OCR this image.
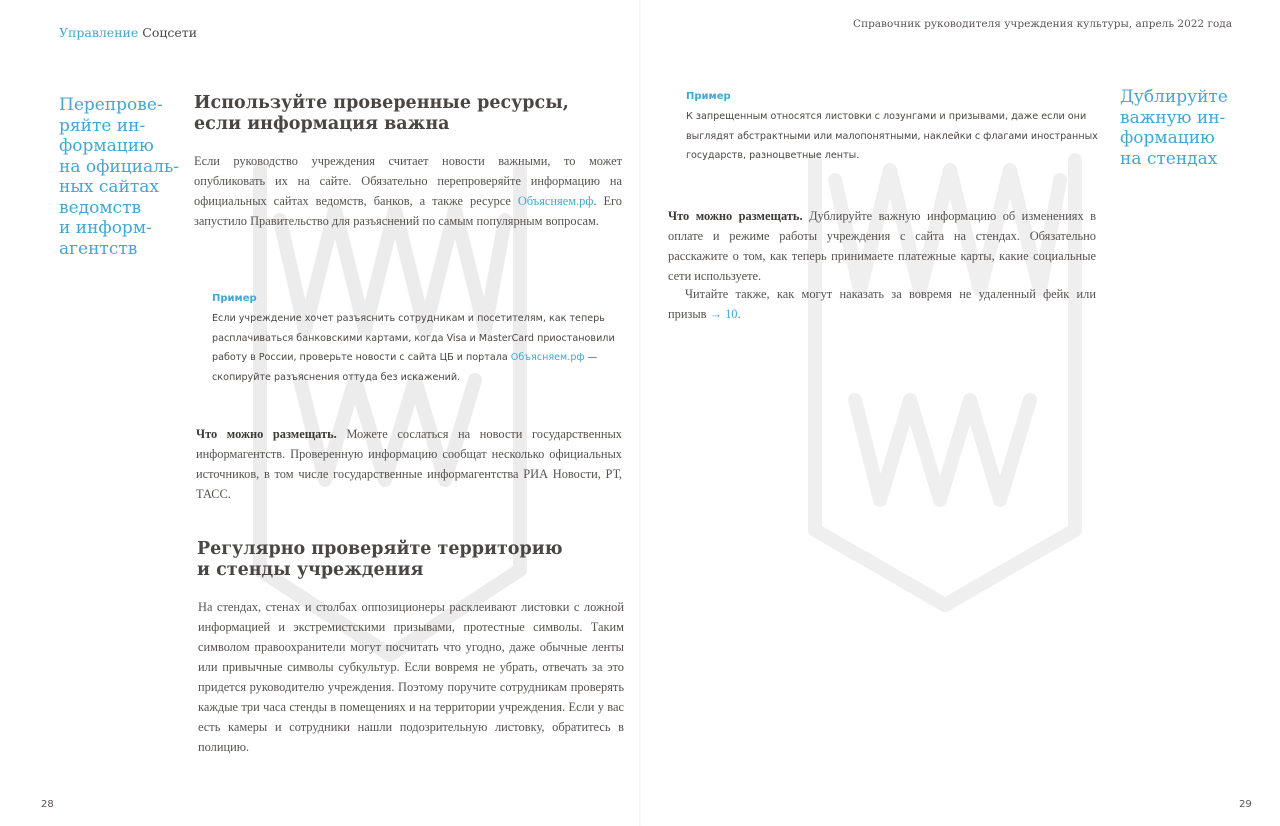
Управление Соцсети
Справочник руководителя учреждения культуры, апрель 2022 года
Перепрове-
ряйте ин-
формацию
на официаль-
ных сайтах
ведомств
и информ-
агентств
Дублируйте
важную ин-
формацию
на стендах
Используйте проверенные ресурсы,
если информация важна

Если руководство учреждения считает новости важными, то может опубликовать их на сайте. Обязательно перепроверяйте информацию на официальных сайтах ведомств, банков, а также ресурсе Объясняем.рф. Его запустило Правительство для разъяснений по самым популярным вопросам.

Пример

Если учреждение хочет разъяснить сотрудникам и посетителям, как теперь расплачиваться банковскими картами, когда Visa и MasterCard приостановили работу в России, проверьте новости с сайта ЦБ и портала Объясняем.рф — скопируйте разъяснения оттуда без искажений.

Что можно размещать. Можете сослаться на новости государственных информагентств. Проверенную информацию сообщат несколько официальных источников, в том числе государственные информагентства РИА Новости, РТ, ТАСС.

Регулярно проверяйте территорию
и стенды учреждения

На стендах, стенах и столбах оппозиционеры расклеивают листовки с ложной информацией и экстремистскими призывами, протестные символы. Таким символом правоохранители могут посчитать что угодно, даже обычные ленты или привычные символы субкультур. Если вовремя не убрать, отвечать за это придется руководителю учреждения. Поэтому поручите сотрудникам проверять каждые три часа стенды в помещениях и на территории учреждения. Если у вас есть камеры и сотрудники нашли подозрительную листовку, обратитесь в полицию.

Пример

К запрещенным относятся листовки с лозунгами и призывами, даже если они выглядят абстрактными или малопонятными, наклейки с флагами иностранных государств, разноцветные ленты.

Что можно размещать. Дублируйте важную информацию об изменениях в оплате и режиме работы учреждения с сайта на стендах. Обязательно расскажите о том, как теперь принимаете платежные карты, какие социальные сети используете.

Читайте также, как могут наказать за вовремя не удаленный фейк или призыв → 10.

28	29
